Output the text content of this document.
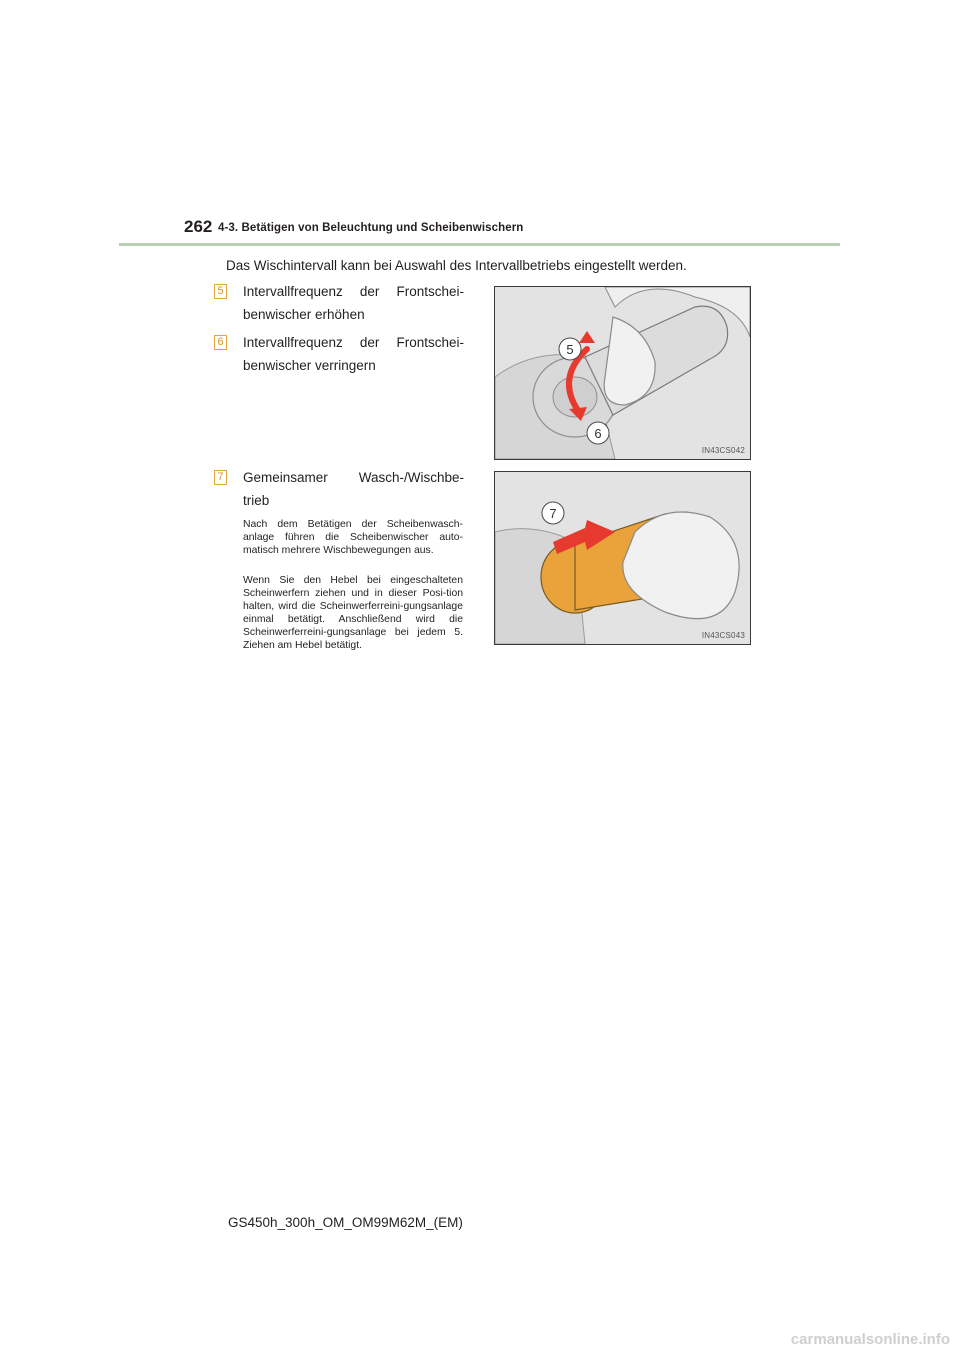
262 4-3. Betätigen von Beleuchtung und Scheibenwischern
Das Wischintervall kann bei Auswahl des Intervallbetriebs eingestellt werden.
5 Intervallfrequenz der Frontschei-
benwischer erhöhen
6 Intervallfrequenz der Frontschei-
benwischer verringern
7 Gemeinsamer Wasch-/Wischbe-
trieb

Nach dem Betätigen der Scheibenwasch-anlage führen die Scheibenwischer auto-matisch mehrere Wischbewegungen aus.

Wenn Sie den Hebel bei eingeschalteten Scheinwerfern ziehen und in dieser Posi-tion halten, wird die Scheinwerferreini-gungsanlage einmal betätigt. Anschließend wird die Scheinwerferreini-gungsanlage bei jedem 5. Ziehen am Hebel betätigt.

5
6
IN43CS042
7
IN43CS043
GS450h_300h_OM_OM99M62M_(EM)
carmanualsonline.info
